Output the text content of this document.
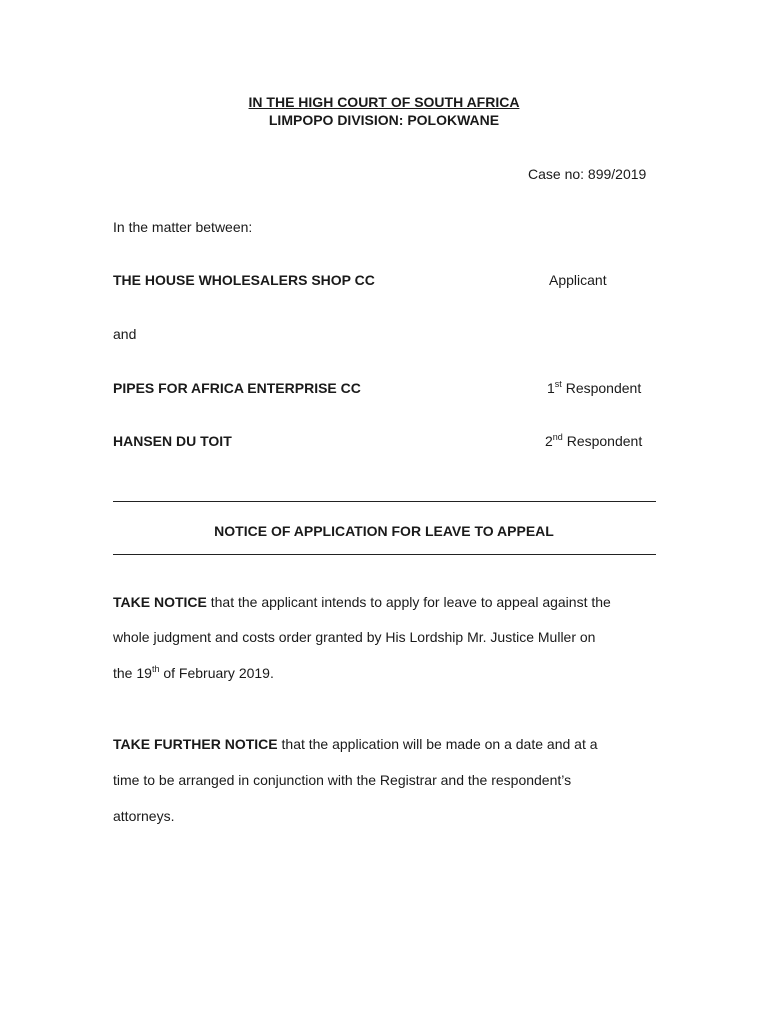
IN THE HIGH COURT OF SOUTH AFRICA
LIMPOPO DIVISION: POLOKWANE
Case no: 899/2019
In the matter between:
THE HOUSE WHOLESALERS SHOP CC	Applicant
and
PIPES FOR AFRICA ENTERPRISE CC	1st Respondent
HANSEN DU TOIT	2nd Respondent
NOTICE OF APPLICATION FOR LEAVE TO APPEAL
TAKE NOTICE that the applicant intends to apply for leave to appeal against the
whole judgment and costs order granted by His Lordship Mr. Justice Muller on
the 19th of February 2019.
TAKE FURTHER NOTICE that the application will be made on a date and at a
time to be arranged in conjunction with the Registrar and the respondent’s
attorneys.
